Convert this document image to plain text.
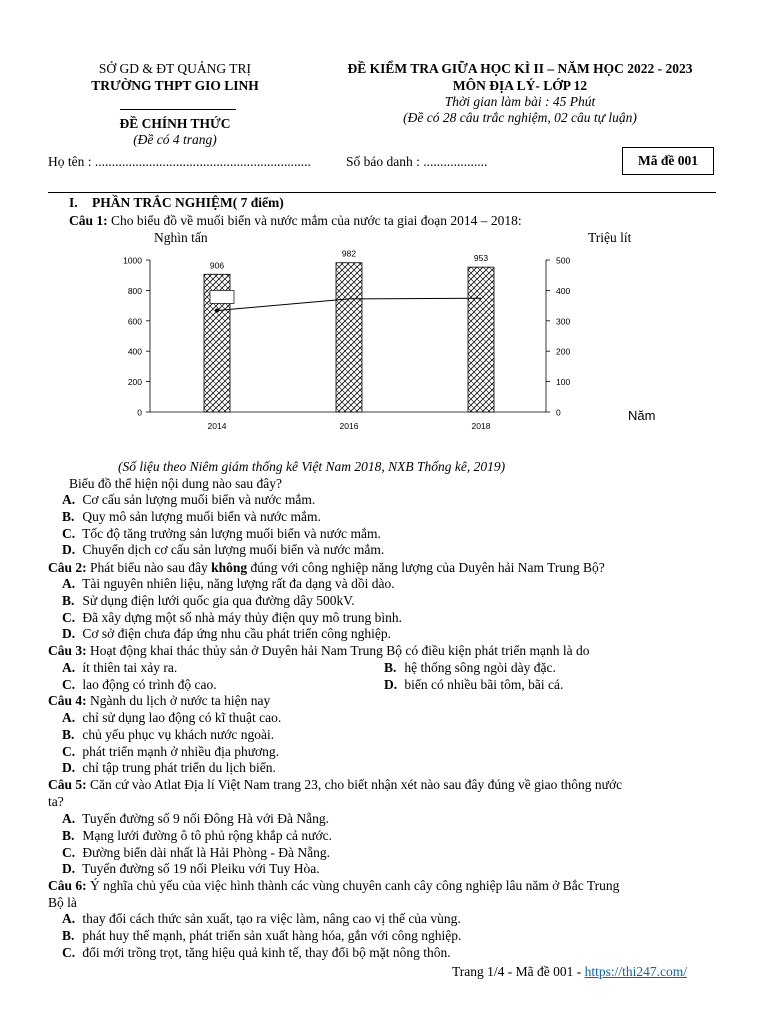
SỞ GD & ĐT QUẢNG TRỊ
TRƯỜNG THPT GIO LINH
ĐỀ CHÍNH THỨC
(Đề có 4 trang)
ĐỀ KIỂM TRA GIỮA HỌC KÌ II – NĂM HỌC 2022 - 2023
MÔN ĐỊA LÝ- LỚP 12
Thời gian làm bài : 45 Phút
(Đề có 28 câu trắc nghiệm, 02 câu tự luận)
Họ tên : ................................................................	Số báo danh : ...................	Mã đề 001
I. PHẦN TRẮC NGHIỆM( 7 điểm)
Câu 1: Cho biểu đồ về muối biển và nước mắm của nước ta giai đoạn 2014 – 2018:
Nghìn tấn	Triệu lít
Năm
0
200
400
600
800
1000
0
100
200
300
400
500
906
982	953
2014	2016	2018
(Số liệu theo Niêm giám thống kê Việt Nam 2018, NXB Thống kê, 2019)
Biểu đồ thể hiện nội dung nào sau đây?
A. Cơ cấu sản lượng muối biển và nước mắm.
B. Quy mô sản lượng muối biển và nước mắm.
C. Tốc độ tăng trưởng sản lượng muối biển và nước mắm.
D. Chuyển dịch cơ cấu sản lượng muối biển và nước mắm.
Câu 2: Phát biểu nào sau đây không đúng với công nghiệp năng lượng của Duyên hải Nam Trung Bộ?
A. Tài nguyên nhiên liệu, năng lượng rất đa dạng và dồi dào.
B. Sử dụng điện lưới quốc gia qua đường dây 500kV.
C. Đã xây dựng một số nhà máy thủy điện quy mô trung bình.
D. Cơ sở điện chưa đáp ứng nhu cầu phát triển công nghiệp.
Câu 3: Hoạt động khai thác thủy sản ở Duyên hải Nam Trung Bộ có điều kiện phát triển mạnh là do
A. ít thiên tai xảy ra.	B. hệ thống sông ngòi dày đặc.
C. lao động có trình độ cao.	D. biển có nhiều bãi tôm, bãi cá.
Câu 4: Ngành du lịch ở nước ta hiện nay
A. chỉ sử dụng lao động có kĩ thuật cao.
B. chủ yếu phục vụ khách nước ngoài.
C. phát triển mạnh ở nhiều địa phương.
D. chỉ tập trung phát triển du lịch biển.
Câu 5: Căn cứ vào Atlat Địa lí Việt Nam trang 23, cho biết nhận xét nào sau đây đúng về giao thông nước
ta?
A. Tuyến đường số 9 nối Đông Hà với Đà Nẵng.
B. Mạng lưới đường ô tô phủ rộng khắp cả nước.
C. Đường biển dài nhất là Hải Phòng - Đà Nẵng.
D. Tuyến đường số 19 nối Pleiku với Tuy Hòa.
Câu 6: Ý nghĩa chủ yếu của việc hình thành các vùng chuyên canh cây công nghiệp lâu năm ở Bắc Trung
Bộ là
A. thay đổi cách thức sản xuất, tạo ra việc làm, nâng cao vị thế của vùng.
B. phát huy thế mạnh, phát triển sản xuất hàng hóa, gắn với công nghiệp.
C. đổi mới trồng trọt, tăng hiệu quả kinh tế, thay đổi bộ mặt nông thôn.
Trang 1/4 - Mã đề 001 - https://thi247.com/
